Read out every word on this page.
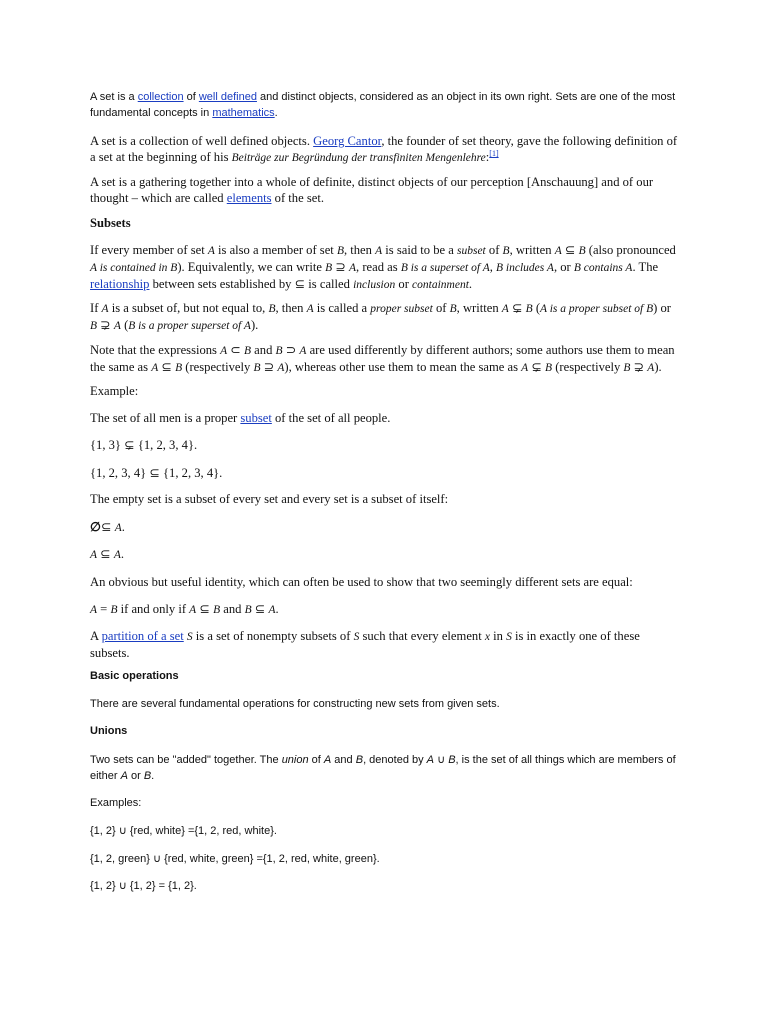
A set is a collection of well defined and distinct objects, considered as an object in its own right. Sets are one of the most fundamental concepts in mathematics.
A set is a collection of well defined objects. Georg Cantor, the founder of set theory, gave the following definition of a set at the beginning of his Beiträge zur Begründung der transfiniten Mengenlehre:[1]
A set is a gathering together into a whole of definite, distinct objects of our perception [Anschauung] and of our thought – which are called elements of the set.
Subsets
If every member of set A is also a member of set B, then A is said to be a subset of B, written A ⊆ B (also pronounced A is contained in B). Equivalently, we can write B ⊇ A, read as B is a superset of A, B includes A, or B contains A. The relationship between sets established by ⊆ is called inclusion or containment.
If A is a subset of, but not equal to, B, then A is called a proper subset of B, written A ⊊ B (A is a proper subset of B) or B ⊋ A (B is a proper superset of A).
Note that the expressions A ⊂ B and B ⊃ A are used differently by different authors; some authors use them to mean the same as A ⊆ B (respectively B ⊇ A), whereas other use them to mean the same as A ⊊ B (respectively B ⊋ A).
Example:
The set of all men is a proper subset of the set of all people.
{1, 3} ⊊ {1, 2, 3, 4}.
{1, 2, 3, 4} ⊆ {1, 2, 3, 4}.
The empty set is a subset of every set and every set is a subset of itself:
∅⊆ A.
A ⊆ A.
An obvious but useful identity, which can often be used to show that two seemingly different sets are equal:
A = B if and only if A ⊆ B and B ⊆ A.
A partition of a set S is a set of nonempty subsets of S such that every element x in S is in exactly one of these subsets.
Basic operations
There are several fundamental operations for constructing new sets from given sets.
Unions
Two sets can be "added" together. The union of A and B, denoted by A ∪ B, is the set of all things which are members of either A or B.
Examples:
{1, 2} ∪ {red, white} ={1, 2, red, white}.
{1, 2, green} ∪ {red, white, green} ={1, 2, red, white, green}.
{1, 2} ∪ {1, 2} = {1, 2}.
